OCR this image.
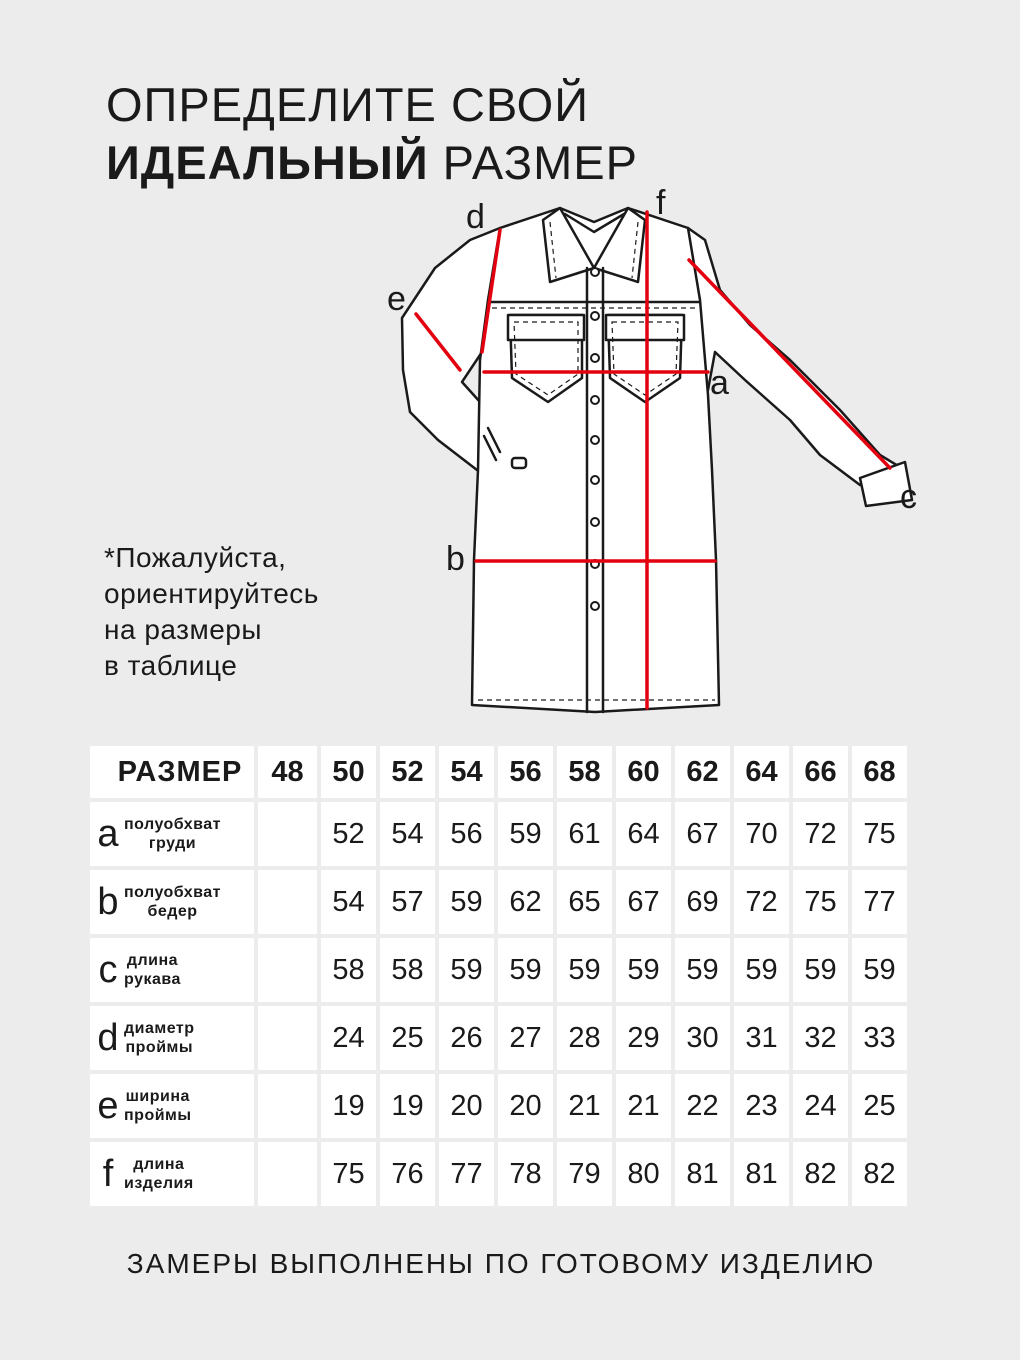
ОПРЕДЕЛИТЕ СВОЙ
ИДЕАЛЬНЫЙ РАЗМЕР
*Пожалуйста,
ориентируйтесь
на размеры
в таблице
a
b
c
d
e
f
РАЗМЕР	48	50	52	54	56	58	60	62	64	66	68

a полуобхват
груди		52	54	56	59	61	64	67	70	72	75

b полуобхват
бедер		54	57	59	62	65	67	69	72	75	77

c длина
рукава		58	58	59	59	59	59	59	59	59	59

d диаметр
проймы		24	25	26	27	28	29	30	31	32	33

e ширина
проймы		19	19	20	20	21	21	22	23	24	25

f длина
изделия		75	76	77	78	79	80	81	81	82	82
ЗАМЕРЫ ВЫПОЛНЕНЫ ПО ГОТОВОМУ ИЗДЕЛИЮ
